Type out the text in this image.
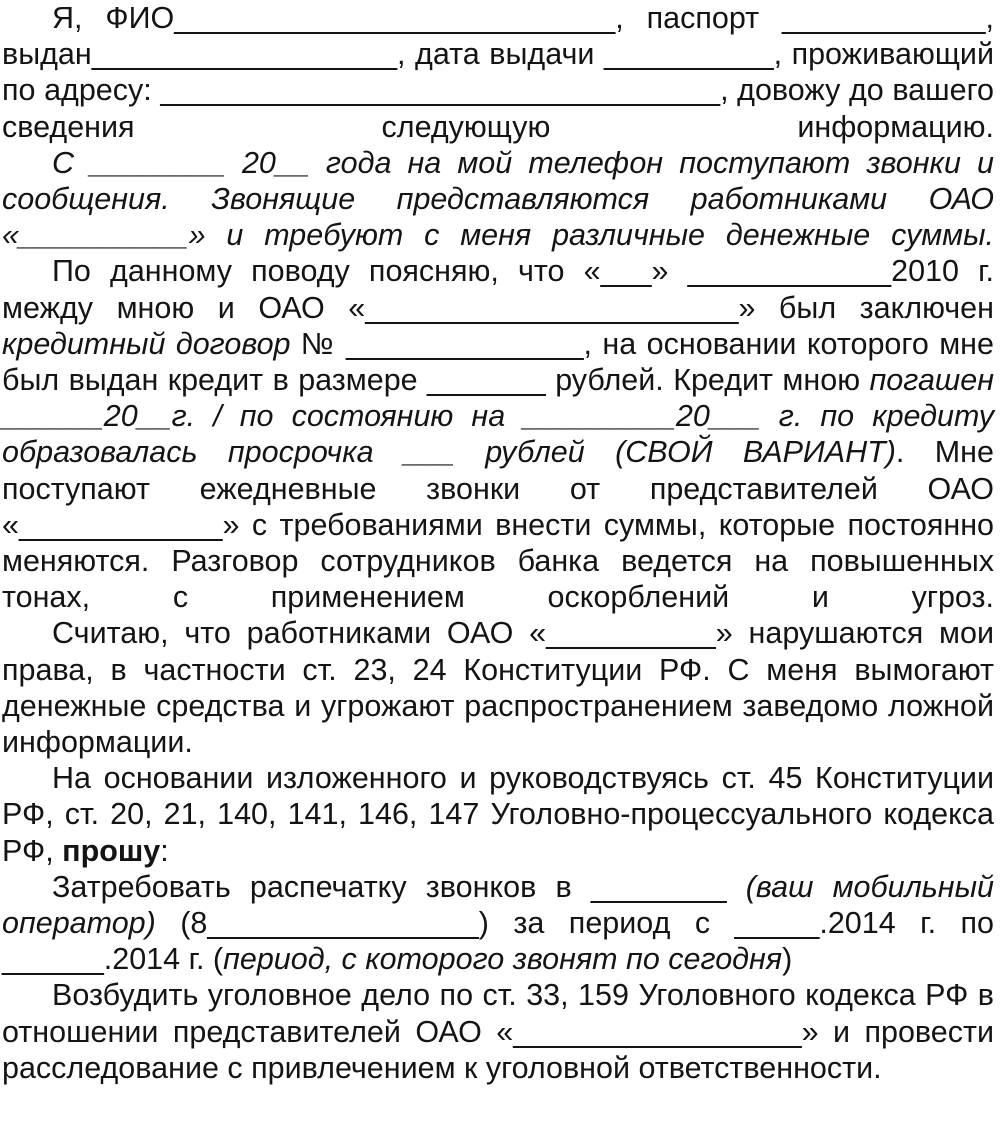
Я, ФИО__________________________, паспорт ____________, выдан__________________, дата выдачи __________, проживающий по адресу: _________________________________, довожу до вашего сведения следующую информацию.

С ________ 20__ года на мой телефон поступают звонки и сообщения. Звонящие представляются работниками ОАО «__________» и требуют с меня различные денежные суммы.

По данному поводу поясняю, что «___» ____________2010 г. между мною и ОАО «______________________» был заключен кредитный договор № ______________, на основании которого мне был выдан кредит в размере _______ рублей. Кредит мною погашен ______20__г. / по состоянию на _________20___ г. по кредиту образовалась просрочка ___ рублей (СВОЙ ВАРИАНТ). Мне поступают ежедневные звонки от представителей ОАО «____________» с требованиями внести суммы, которые постоянно меняются. Разговор сотрудников банка ведется на повышенных тонах, с применением оскорблений и угроз.

Считаю, что работниками ОАО «__________» нарушаются мои права, в частности ст. 23, 24 Конституции РФ. С меня вымогают денежные средства и угрожают распространением заведомо ложной информации.

На основании изложенного и руководствуясь ст. 45 Конституции РФ, ст. 20, 21, 140, 141, 146, 147 Уголовно-процессуального кодекса РФ, прошу:

Затребовать распечатку звонков в ________ (ваш мобильный оператор) (8________________) за период с _____.2014 г. по ______.2014 г. (период, с которого звонят по сегодня)

Возбудить уголовное дело по ст. 33, 159 Уголовного кодекса РФ в отношении представителей ОАО «_________________» и провести расследование с привлечением к уголовной ответственности.
